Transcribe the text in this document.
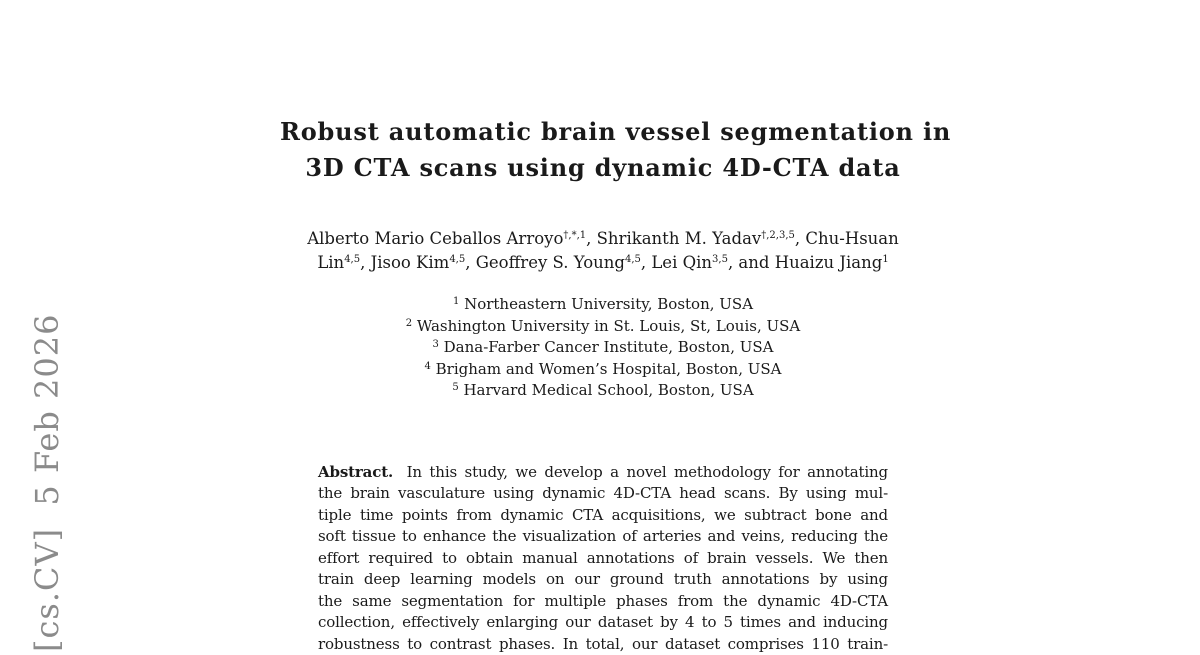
[cs.CV]  5 Feb 2026
Robust automatic brain vessel segmentation in
3D CTA scans using dynamic 4D-CTA data
Alberto Mario Ceballos Arroyo$^{\dagger,*,1}$, Shrikanth M. Yadav$^{\dagger,2,3,5}$, Chu-Hsuan
Lin$^{4,5}$, Jisoo Kim$^{4,5}$, Geoffrey S. Young$^{4,5}$, Lei Qin$^{3,5}$, and Huaizu Jiang$^1$
$^1$ Northeastern University, Boston, USA
$^2$ Washington University in St. Louis, St, Louis, USA
$^3$ Dana-Farber Cancer Institute, Boston, USA
$^4$ Brigham and Women’s Hospital, Boston, USA
$^5$ Harvard Medical School, Boston, USA
Abstract. In this study, we develop a novel methodology for annotating
the brain vasculature using dynamic 4D-CTA head scans. By using mul-
tiple time points from dynamic CTA acquisitions, we subtract bone and
soft tissue to enhance the visualization of arteries and veins, reducing the
effort required to obtain manual annotations of brain vessels. We then
train deep learning models on our ground truth annotations by using
the same segmentation for multiple phases from the dynamic 4D-CTA
collection, effectively enlarging our dataset by 4 to 5 times and inducing
robustness to contrast phases. In total, our dataset comprises 110 train-
